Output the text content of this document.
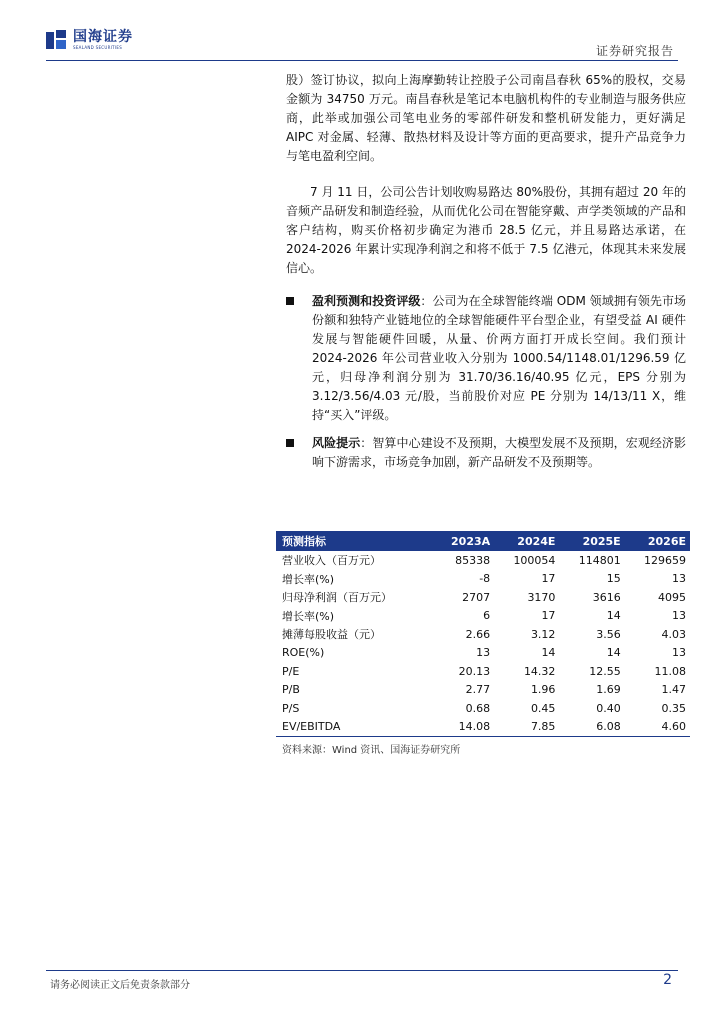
国海证券
SEALAND SECURITIES	证券研究报告

股）签订协议，拟向上海摩勤转让控股子公司南昌春秋 65%的股权，交易金额为 34750 万元。南昌春秋是笔记本电脑机构件的专业制造与服务供应商，此举或加强公司笔电业务的零部件研发和整机研发能力，更好满足 AIPC 对金属、轻薄、散热材料及设计等方面的更高要求，提升产品竞争力与笔电盈利空间。

7 月 11 日，公司公告计划收购易路达 80%股份，其拥有超过 20 年的音频产品研发和制造经验，从而优化公司在智能穿戴、声学类领域的产品和客户结构，购买价格初步确定为港币 28.5 亿元，并且易路达承诺，在 2024-2026 年累计实现净利润之和将不低于 7.5 亿港元，体现其未来发展信心。

盈利预测和投资评级：公司为在全球智能终端 ODM 领域拥有领先市场份额和独特产业链地位的全球智能硬件平台型企业，有望受益 AI 硬件发展与智能硬件回暖，从量、价两方面打开成长空间。我们预计 2024-2026 年公司营业收入分别为 1000.54/1148.01/1296.59 亿元，归母净利润分别为 31.70/36.16/40.95 亿元，EPS 分别为 3.12/3.56/4.03 元/股，当前股价对应 PE 分别为 14/13/11 X，维持“买入”评级。

风险提示：智算中心建设不及预期，大模型发展不及预期，宏观经济影响下游需求，市场竞争加剧，新产品研发不及预期等。

预测指标	2023A	2024E	2025E	2026E
营业收入（百万元）	85338	100054	114801	129659
增长率(%)	-8	17	15	13
归母净利润（百万元）	2707	3170	3616	4095
增长率(%)	6	17	14	13
摊薄每股收益（元）	2.66	3.12	3.56	4.03
ROE(%)	13	14	14	13
P/E	20.13	14.32	12.55	11.08
P/B	2.77	1.96	1.69	1.47
P/S	0.68	0.45	0.40	0.35
EV/EBITDA	14.08	7.85	6.08	4.60
资料来源：Wind 资讯、国海证券研究所
请务必阅读正文后免责条款部分	2
